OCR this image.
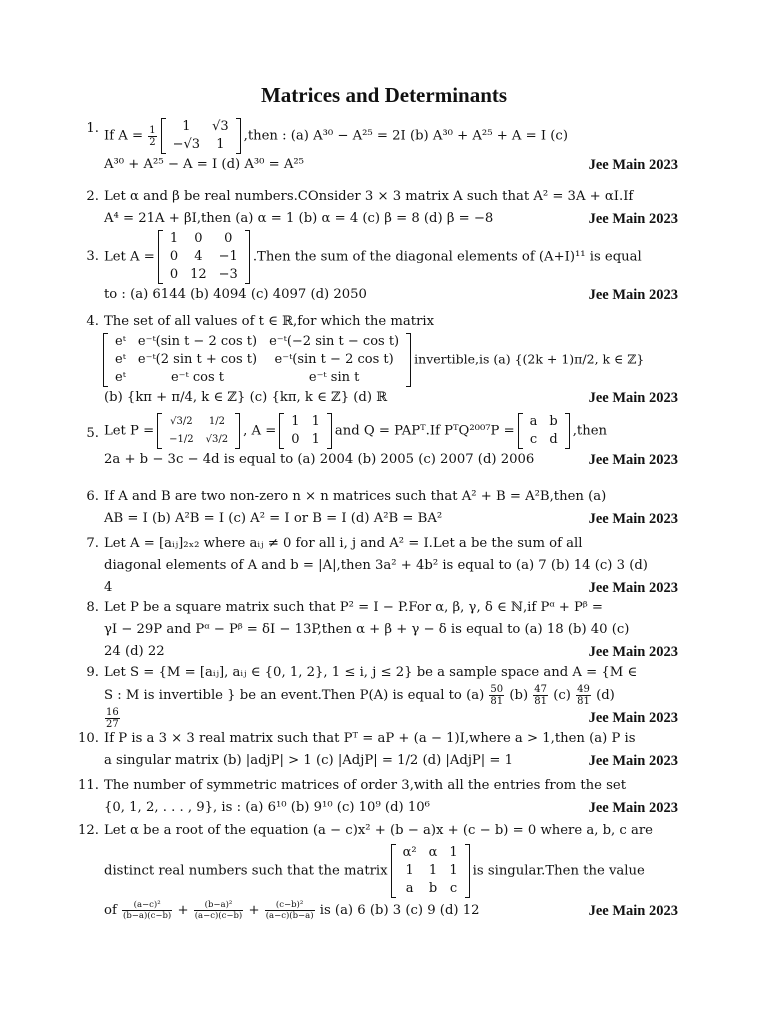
Matrices and Determinants
1. If $A = \frac{1}{2} 1$	√3
−√3	1
,then : (a) A³⁰ − A²⁵ = 2I (b) A³⁰ + A²⁵ + A = I (c)
A³⁰ + A²⁵ − A = I (d) A³⁰ = A²⁵	Jee Main 2023
2. Let α and β be real numbers.COnsider 3 × 3 matrix A such that A² = 3A + αI.If
A⁴ = 21A + βI,then (a) α = 1 (b) α = 4 (c) β = 8 (d) β = −8	Jee Main 2023
3. Let A =
1	0	0
0	4	−1
0	12	−3
.Then the sum of the diagonal elements of (A+I)¹¹ is equal
to : (a) 6144 (b) 4094 (c) 4097 (d) 2050	Jee Main 2023
4. The set of all values of t ∈ ℝ,for which the matrix
eᵗ	e⁻ᵗ(sin t − 2 cos t)	e⁻ᵗ(−2 sin t − cos t)
eᵗ	e⁻ᵗ(2 sin t + cos t)	e⁻ᵗ(sin t − 2 cos t)
eᵗ	e⁻ᵗ cos t	e⁻ᵗ sin t
invertible,is (a) {(2k + 1)π/2, k ∈ ℤ}
(b) {kπ + π/4, k ∈ ℤ} (c) {kπ, k ∈ ℤ} (d) ℝ	Jee Main 2023
5. Let P =
√3/2	1/2
−1/2	√3/2
, A =
1	1
0	1
and Q = PAPᵀ.If PᵀQ²⁰⁰⁷P =
a	b
c	d
,then
2a + b − 3c − 4d is equal to (a) 2004 (b) 2005 (c) 2007 (d) 2006	Jee Main 2023
6. If A and B are two non-zero n × n matrices such that A² + B = A²B,then (a)
AB = I (b) A²B = I (c) A² = I or B = I (d) A²B = BA²	Jee Main 2023
7. Let A = [aᵢⱼ]₂ₓ₂ where aᵢⱼ ≠ 0 for all i, j and A² = I.Let a be the sum of all
diagonal elements of A and b = |A|,then 3a² + 4b² is equal to (a) 7 (b) 14 (c) 3 (d)
4	Jee Main 2023
8. Let P be a square matrix such that P² = I − P.For α, β, γ, δ ∈ ℕ,if Pᵅ + Pᵝ =
γI − 29P and Pᵅ − Pᵝ = δI − 13P,then α + β + γ − δ is equal to (a) 18 (b) 40 (c)
24 (d) 22	Jee Main 2023
9. Let S = {M = [aᵢⱼ], aᵢⱼ ∈ {0, 1, 2}, 1 ≤ i, j ≤ 2} be a sample space and A = {M ∈
S : M is invertible } be an event.Then P(A) is equal to $(a) \frac{50}{81} (b) \frac{47}{81} (c) \frac{49}{81} (d)$
$\frac{16}{27}$	Jee Main 2023
10. If P is a 3 × 3 real matrix such that Pᵀ = aP + (a − 1)I,where a > 1,then (a) P is
a singular matrix (b) |adjP| > 1 (c) |AdjP| = 1/2 (d) |AdjP| = 1	Jee Main 2023
11. The number of symmetric matrices of order 3,with all the entries from the set
{0, 1, 2, . . . , 9}, is : (a) 6¹⁰ (b) 9¹⁰ (c) 10⁹ (d) 10⁶	Jee Main 2023
12. Let α be a root of the equation (a − c)x² + (b − a)x + (c − b) = 0 where a, b, c are
distinct real numbers such that the matrix
α²	α	1
1	1	1
a	b	c
is singular.Then the value
of $\frac{\text{(a−c)²}}{(b-a)(c-b)} + \frac{\text{(b−a)²}}{(a-c)(c-b)} + \frac{\text{(c−b)²}}{(a-c)(b-a)}$ is (a) 6 (b) 3 (c) 9 (d) 12	Jee Main 2023
